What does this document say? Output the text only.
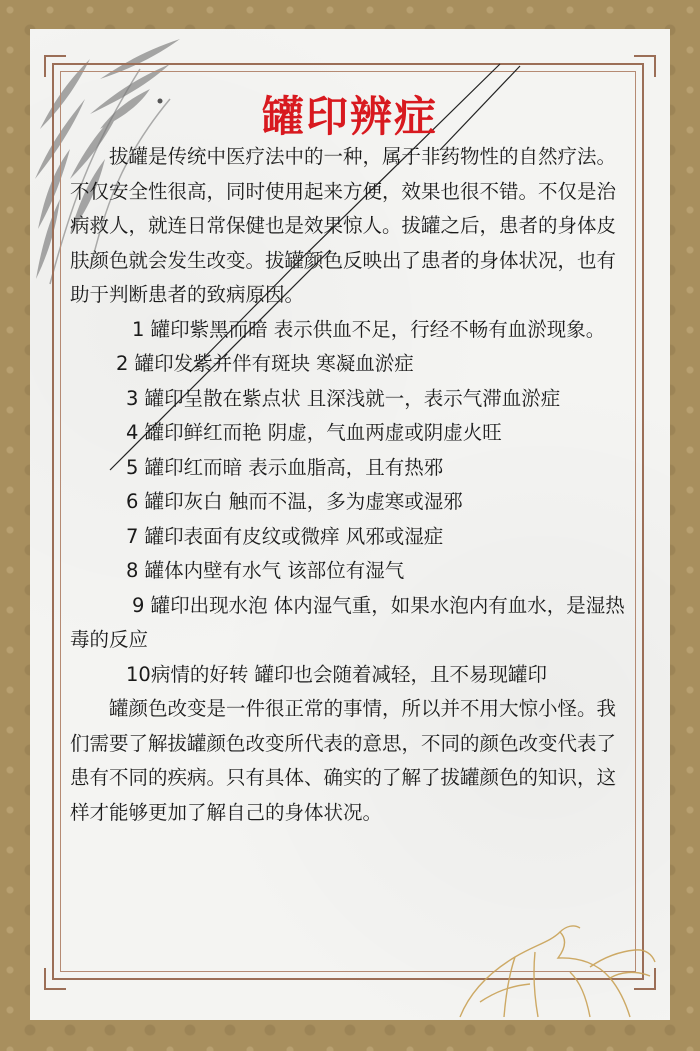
罐印辨症

拔罐是传统中医疗法中的一种，属于非药物性的自然疗法。不仅安全性很高，同时使用起来方便，效果也很不错。不仅是治病救人，就连日常保健也是效果惊人。拔罐之后，患者的身体皮肤颜色就会发生改变。拔罐颜色反映出了患者的身体状况，也有助于判断患者的致病原因。

1 罐印紫黑而暗 表示供血不足，行经不畅有血淤现象。

2 罐印发紫并伴有斑块 寒凝血淤症

3 罐印呈散在紫点状 且深浅就一，表示气滞血淤症

4 罐印鲜红而艳 阴虚，气血两虚或阴虚火旺

5 罐印红而暗 表示血脂高，且有热邪

6 罐印灰白 触而不温，多为虚寒或湿邪

7 罐印表面有皮纹或微痒 风邪或湿症

8 罐体内壁有水气 该部位有湿气

9 罐印出现水泡 体内湿气重，如果水泡内有血水，是湿热毒的反应

10病情的好转 罐印也会随着减轻，且不易现罐印

罐颜色改变是一件很正常的事情，所以并不用大惊小怪。我们需要了解拔罐颜色改变所代表的意思，不同的颜色改变代表了患有不同的疾病。只有具体、确实的了解了拔罐颜色的知识，这样才能够更加了解自己的身体状况。
